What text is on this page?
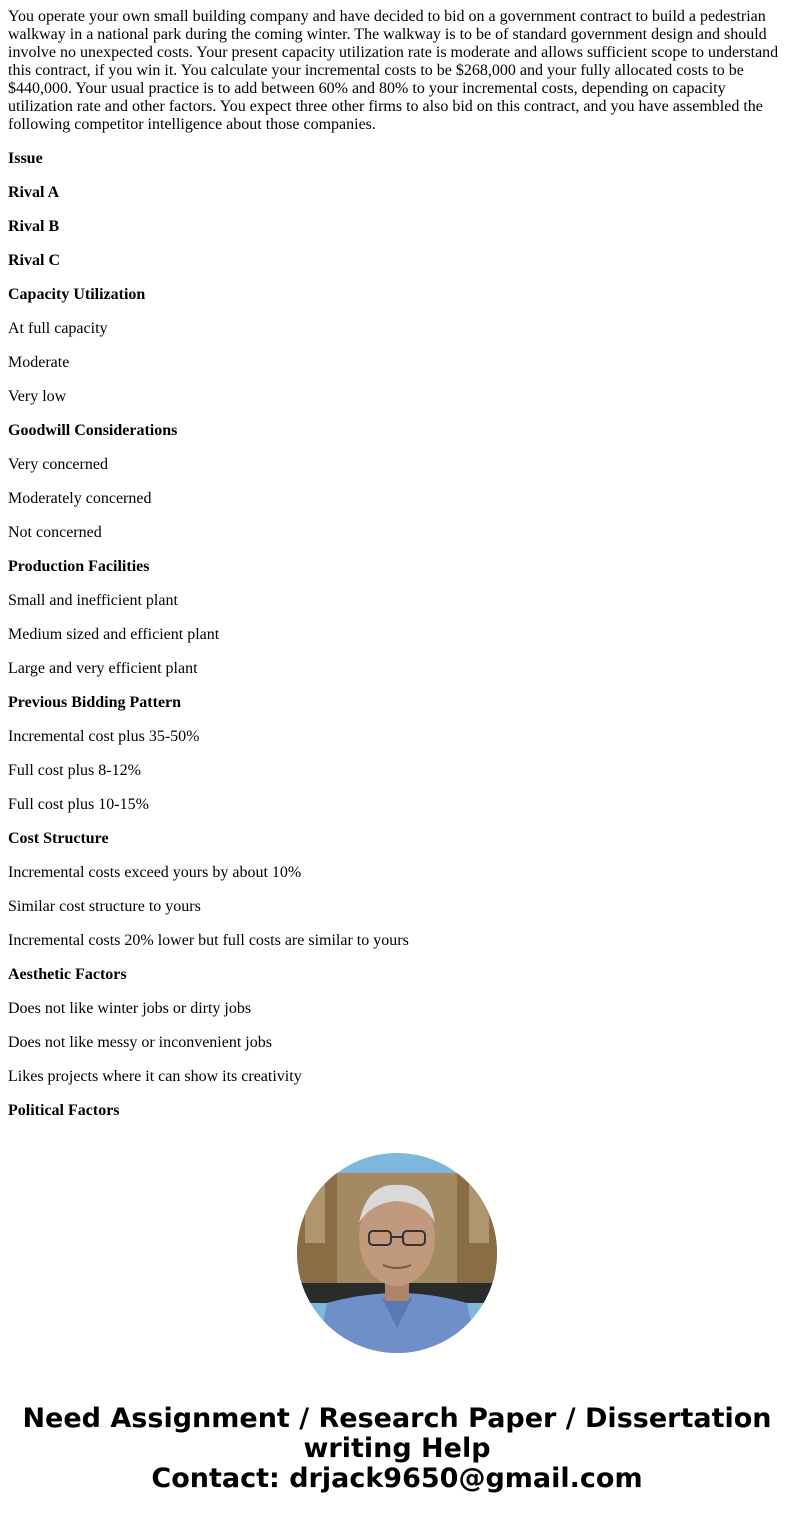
You operate your own small building company and have decided to bid on a government contract to build a pedestrian walkway in a national park during the coming winter. The walkway is to be of standard government design and should involve no unexpected costs. Your present capacity utilization rate is moderate and allows sufficient scope to understand this contract, if you win it. You calculate your incremental costs to be $268,000 and your fully allocated costs to be $440,000. Your usual practice is to add between 60% and 80% to your incremental costs, depending on capacity utilization rate and other factors. You expect three other firms to also bid on this contract, and you have assembled the following competitor intelligence about those companies.
Issue
Rival A
Rival B
Rival C
Capacity Utilization
At full capacity
Moderate
Very low
Goodwill Considerations
Very concerned
Moderately concerned
Not concerned
Production Facilities
Small and inefficient plant
Medium sized and efficient plant
Large and very efficient plant
Previous Bidding Pattern
Incremental cost plus 35-50%
Full cost plus 8-12%
Full cost plus 10-15%
Cost Structure
Incremental costs exceed yours by about 10%
Similar cost structure to yours
Incremental costs 20% lower but full costs are similar to yours
Aesthetic Factors
Does not like winter jobs or dirty jobs
Does not like messy or inconvenient jobs
Likes projects where it can show its creativity
Political Factors
Need Assignment / Research Paper / Dissertation
writing Help
Contact: drjack9650@gmail.com
